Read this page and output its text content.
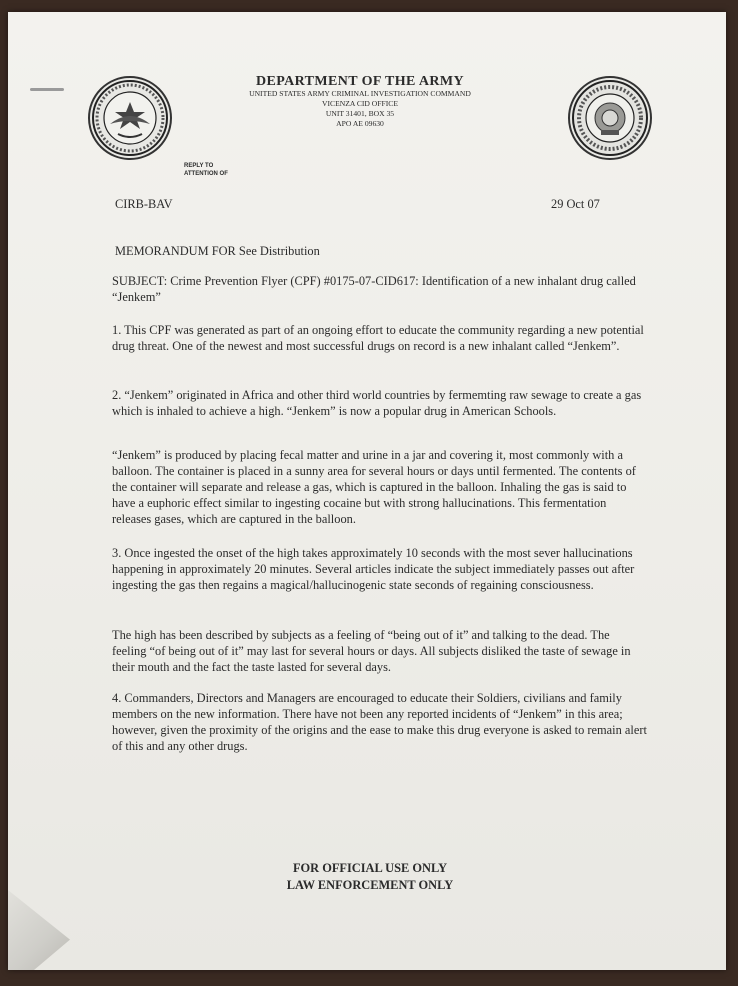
DEPARTMENT OF THE ARMY
UNITED STATES ARMY CRIMINAL INVESTIGATION COMMAND
VICENZA CID OFFICE
UNIT 31401, BOX 35
APO AE 09630
REPLY TO
ATTENTION OF
CIRB-BAV	29 Oct 07
MEMORANDUM FOR See Distribution
SUBJECT: Crime Prevention Flyer (CPF) #0175-07-CID617: Identification of a new inhalant drug called “Jenkem”
1. This CPF was generated as part of an ongoing effort to educate the community regarding a new potential drug threat. One of the newest and most successful drugs on record is a new inhalant called “Jenkem”.
2. “Jenkem” originated in Africa and other third world countries by fermemting raw sewage to create a gas which is inhaled to achieve a high. “Jenkem” is now a popular drug in American Schools.
“Jenkem” is produced by placing fecal matter and urine in a jar and covering it, most commonly with a balloon. The container is placed in a sunny area for several hours or days until fermented. The contents of the container will separate and release a gas, which is captured in the balloon. Inhaling the gas is said to have a euphoric effect similar to ingesting cocaine but with strong hallucinations. This fermentation releases gases, which are captured in the balloon.
3. Once ingested the onset of the high takes approximately 10 seconds with the most sever hallucinations happening in approximately 20 minutes. Several articles indicate the subject immediately passes out after ingesting the gas then regains a magical/hallucinogenic state seconds of regaining consciousness.
The high has been described by subjects as a feeling of “being out of it” and talking to the dead. The feeling “of being out of it” may last for several hours or days. All subjects disliked the taste of sewage in their mouth and the fact the taste lasted for several days.
4. Commanders, Directors and Managers are encouraged to educate their Soldiers, civilians and family members on the new information. There have not been any reported incidents of “Jenkem” in this area; however, given the proximity of the origins and the ease to make this drug everyone is asked to remain alert of this and any other drugs.
FOR OFFICIAL USE ONLY
LAW ENFORCEMENT ONLY
